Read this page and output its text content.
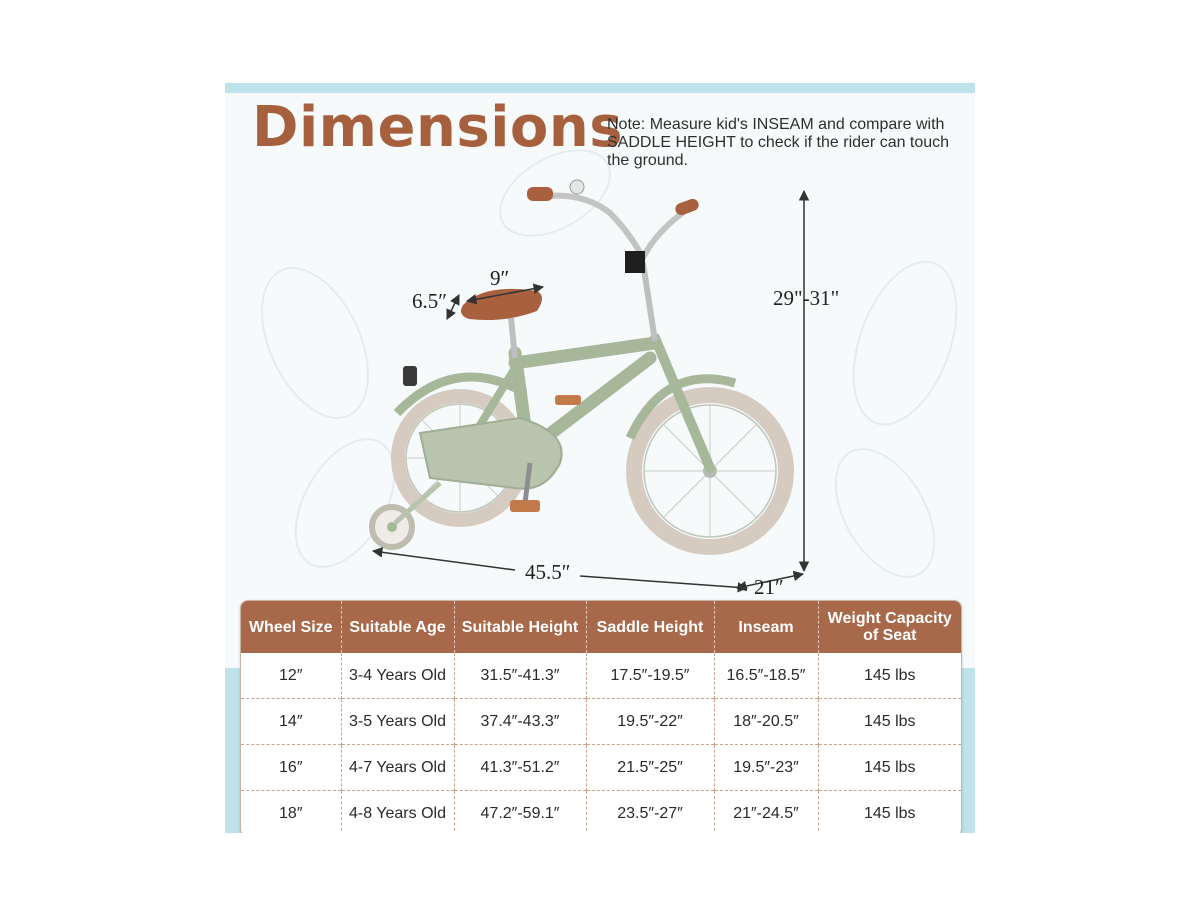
Dimensions

Note: Measure kid's INSEAM and compare with SADDLE HEIGHT to check if the rider can touch the ground.

9″
6.5″	29"-31"
45.5″
21″
Wheel Size	Suitable Age	Suitable Height	Saddle Height	Inseam	Weight Capacity of Seat
12″	3-4 Years Old	31.5″-41.3″	17.5″-19.5″	16.5″-18.5″	145 lbs
14″	3-5 Years Old	37.4″-43.3″	19.5″-22″	18″-20.5″	145 lbs
16″	4-7 Years Old	41.3″-51.2″	21.5″-25″	19.5″-23″	145 lbs
18″	4-8 Years Old	47.2″-59.1″	23.5″-27″	21″-24.5″	145 lbs
